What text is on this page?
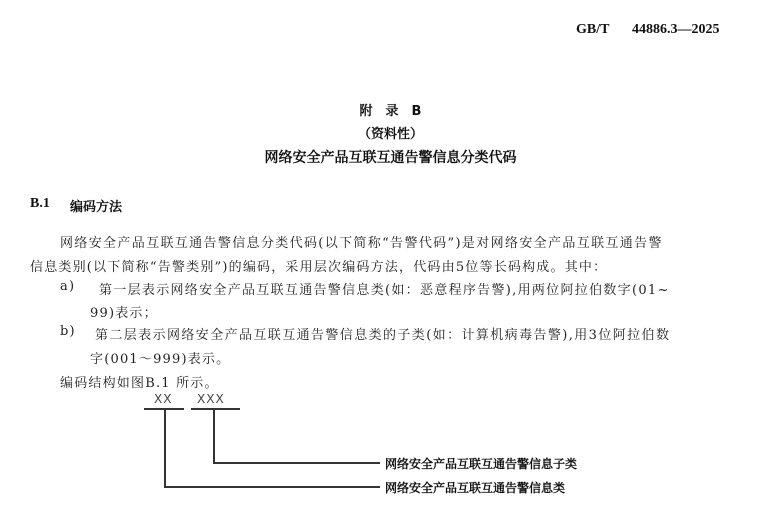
GB/T 44886.3—2025
附　录　B
（资料性）
网络安全产品互联互通告警信息分类代码
B.1 编码方法
网络安全产品互联互通告警信息分类代码(以下简称“告警代码”)是对网络安全产品互联互通告警
信息类别(以下简称“告警类别”)的编码，采用层次编码方法，代码由5位等长码构成。其中：
a) 第一层表示网络安全产品互联互通告警信息类(如：恶意程序告警),用两位阿拉伯数字(01~
99)表示；
b) 第二层表示网络安全产品互联互通告警信息类的子类(如：计算机病毒告警),用3位阿拉伯数
字(001～999)表示。
编码结构如图B.1 所示。
XX XXX
网络安全产品互联互通告警信息子类
网络安全产品互联互通告警信息类
